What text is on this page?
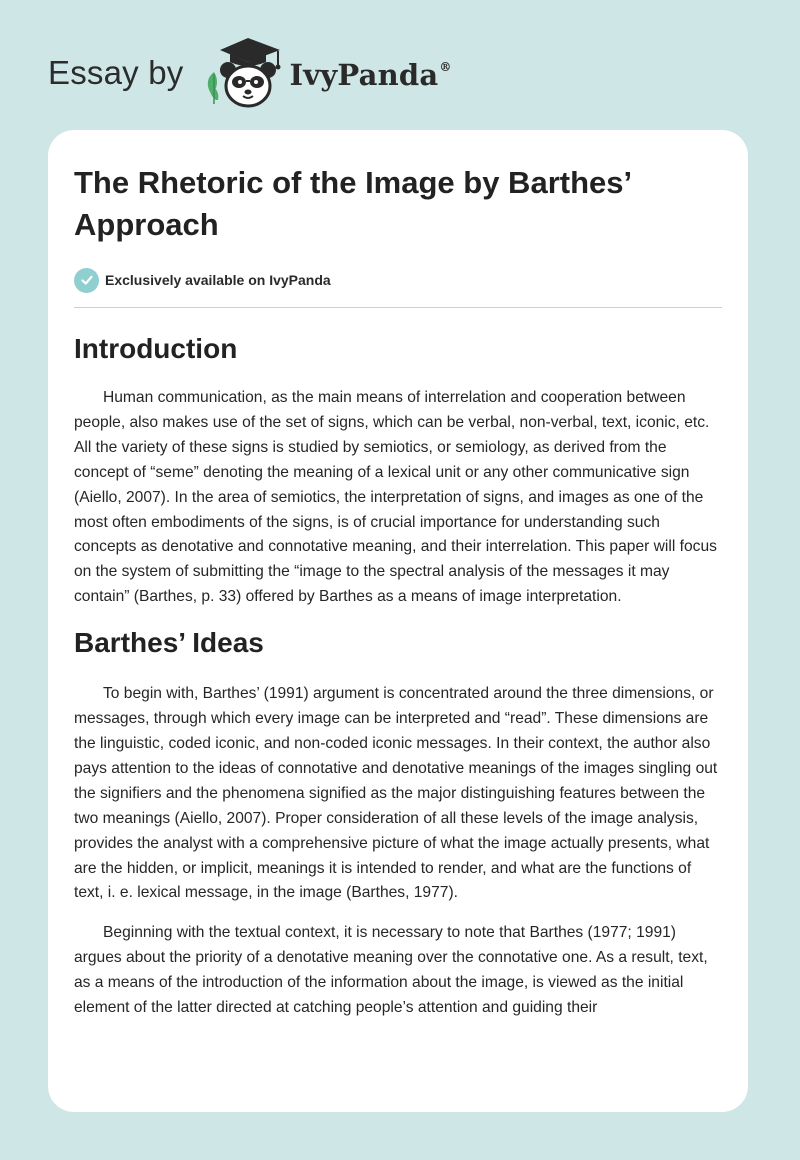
Essay by	IvyPanda®
The Rhetoric of the Image by Barthes’ Approach
Exclusively available on IvyPanda
Introduction

Human communication, as the main means of interrelation and cooperation between people, also makes use of the set of signs, which can be verbal, non-verbal, text, iconic, etc. All the variety of these signs is studied by semiotics, or semiology, as derived from the concept of “seme” denoting the meaning of a lexical unit or any other communicative sign (Aiello, 2007). In the area of semiotics, the interpretation of signs, and images as one of the most often embodiments of the signs, is of crucial importance for understanding such concepts as denotative and connotative meaning, and their interrelation. This paper will focus on the system of submitting the “image to the spectral analysis of the messages it may contain” (Barthes, p. 33) offered by Barthes as a means of image interpretation.

Barthes’ Ideas

To begin with, Barthes’ (1991) argument is concentrated around the three dimensions, or messages, through which every image can be interpreted and “read”. These dimensions are the linguistic, coded iconic, and non-coded iconic messages. In their context, the author also pays attention to the ideas of connotative and denotative meanings of the images singling out the signifiers and the phenomena signified as the major distinguishing features between the two meanings (Aiello, 2007). Proper consideration of all these levels of the image analysis, provides the analyst with a comprehensive picture of what the image actually presents, what are the hidden, or implicit, meanings it is intended to render, and what are the functions of text, i. e. lexical message, in the image (Barthes, 1977).

Beginning with the textual context, it is necessary to note that Barthes (1977; 1991) argues about the priority of a denotative meaning over the connotative one. As a result, text, as a means of the introduction of the information about the image, is viewed as the initial element of the latter directed at catching people’s attention and guiding their
